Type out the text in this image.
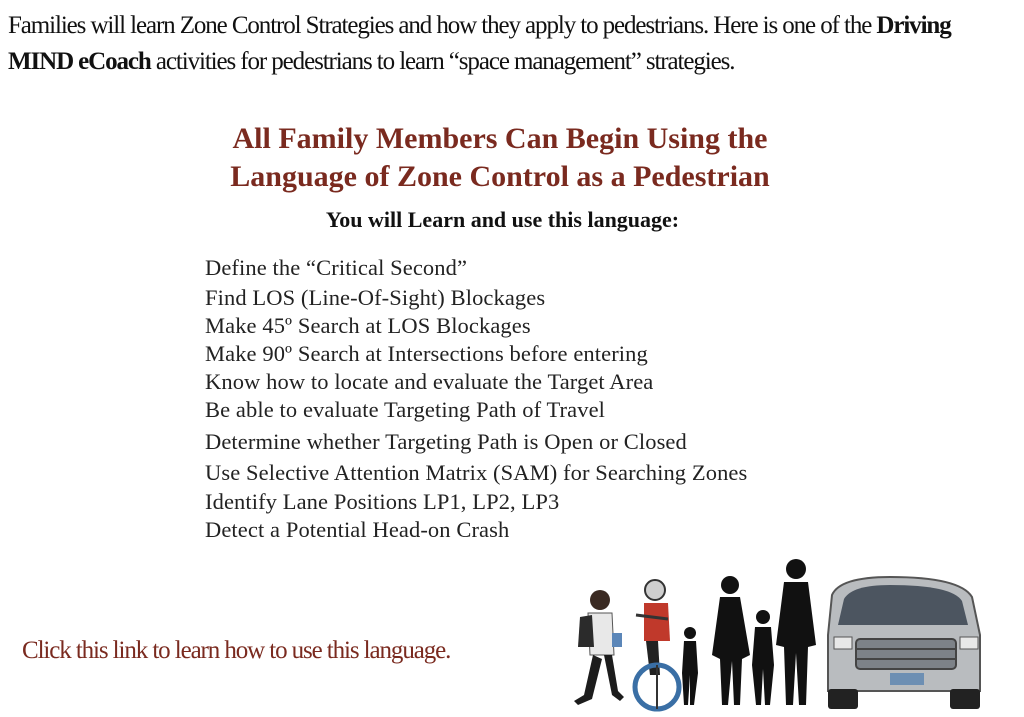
Families will learn Zone Control Strategies and how they apply to pedestrians. Here is one of the Driving MIND eCoach activities for pedestrians to learn “space management” strategies.

All Family Members Can Begin Using the
Language of Zone Control as a Pedestrian
You will Learn and use this language:
Define the “Critical Second”
Find LOS (Line-Of-Sight) Blockages
Make 45º Search at LOS Blockages
Make 90º Search at Intersections before entering
Know how to locate and evaluate the Target Area
Be able to evaluate Targeting Path of Travel
Determine whether Targeting Path is Open or Closed
Use Selective Attention Matrix (SAM) for Searching Zones
Identify Lane Positions LP1, LP2, LP3
Detect a Potential Head-on Crash
Click this link to learn how to use this language.
